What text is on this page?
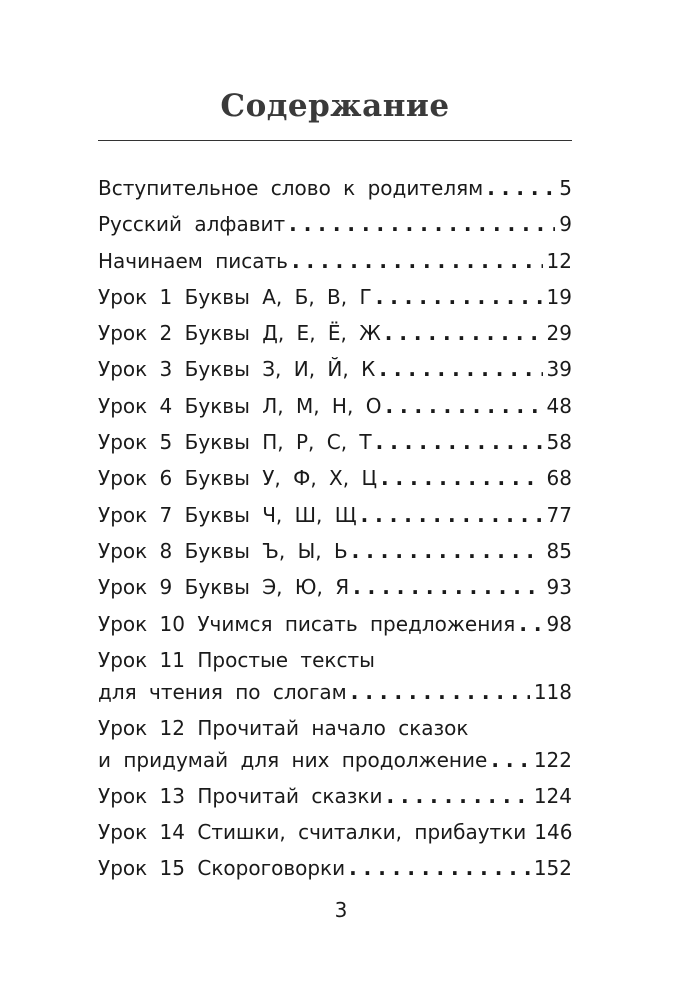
Содержание
Вступительное слово к родителям . . .	5
Русский алфавит . . .	9
Начинаем писать . . .	12
Урок 1 Буквы А, Б, В, Г . . .	19
Урок 2 Буквы Д, Е, Ё, Ж . . .	29
Урок 3 Буквы З, И, Й, К . . .	39
Урок 4 Буквы Л, М, Н, О . . .	48
Урок 5 Буквы П, Р, С, Т . . .	58
Урок 6 Буквы У, Ф, Х, Ц . . .	68
Урок 7 Буквы Ч, Ш, Щ . . .	77
Урок 8 Буквы Ъ, Ы, Ь . . .	85
Урок 9 Буквы Э, Ю, Я . . .	93
Урок 10 Учимся писать предложения . . . 98
Урок 11 Простые тексты
для чтения по слогам . . .	118
Урок 12 Прочитай начало сказок
и придумай для них продолжение . . . 122
Урок 13 Прочитай сказки . . .	124
Урок 14 Стишки, считалки, прибаутки 146
Урок 15 Скороговорки . . .	152
3
